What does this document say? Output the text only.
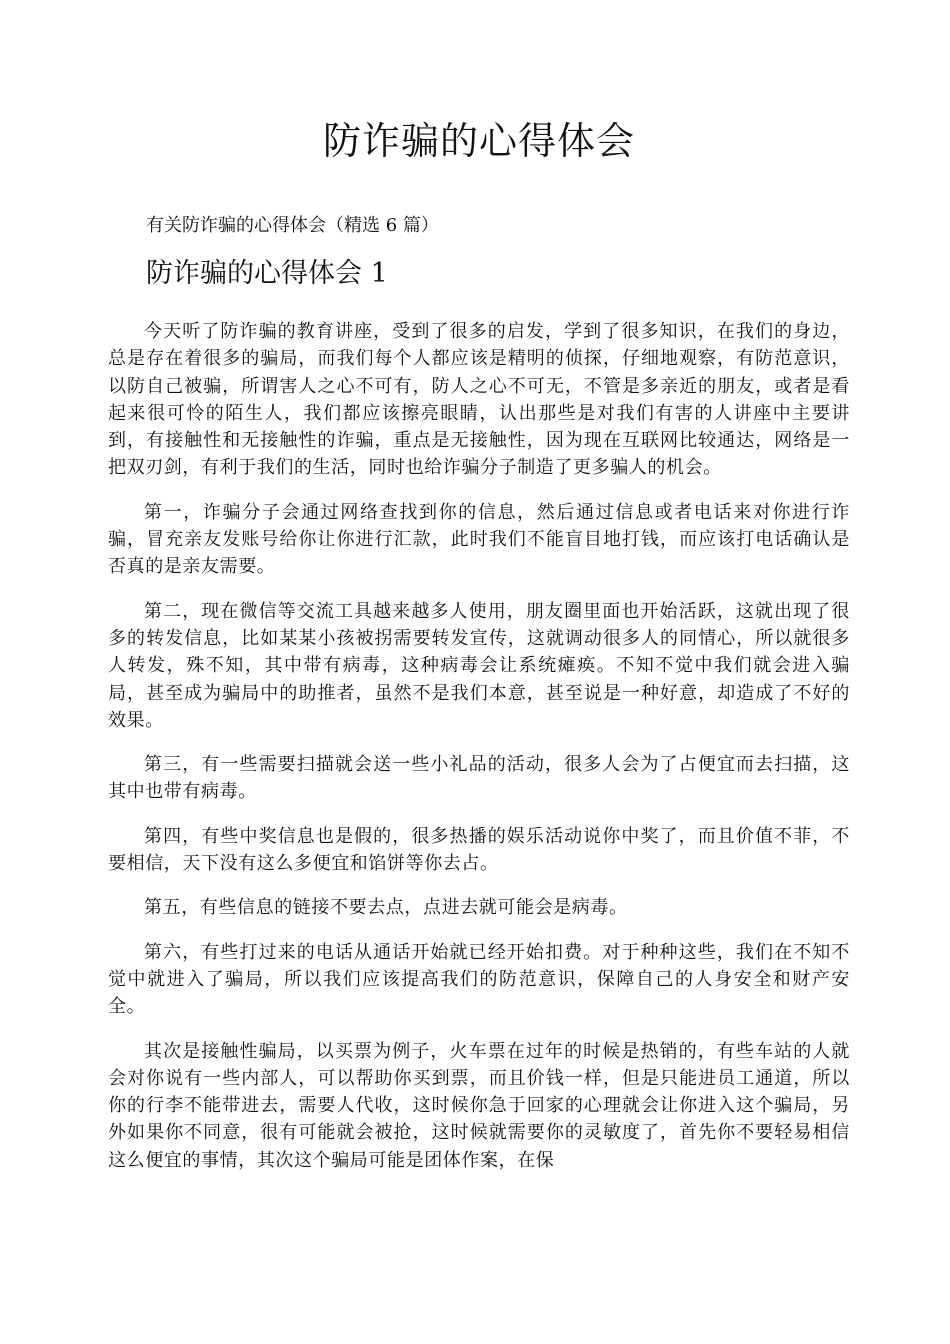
防诈骗的心得体会

有关防诈骗的心得体会（精选 6 篇）

防诈骗的心得体会 1

今天听了防诈骗的教育讲座，受到了很多的启发，学到了很多知识，在我们的身边，总是存在着很多的骗局，而我们每个人都应该是精明的侦探，仔细地观察，有防范意识，以防自己被骗，所谓害人之心不可有，防人之心不可无，不管是多亲近的朋友，或者是看起来很可怜的陌生人，我们都应该擦亮眼睛，认出那些是对我们有害的人讲座中主要讲到，有接触性和无接触性的诈骗，重点是无接触性，因为现在互联网比较通达，网络是一把双刃剑，有利于我们的生活，同时也给诈骗分子制造了更多骗人的机会。

第一，诈骗分子会通过网络查找到你的信息，然后通过信息或者电话来对你进行诈骗，冒充亲友发账号给你让你进行汇款，此时我们不能盲目地打钱，而应该打电话确认是否真的是亲友需要。

第二，现在微信等交流工具越来越多人使用，朋友圈里面也开始活跃，这就出现了很多的转发信息，比如某某小孩被拐需要转发宣传，这就调动很多人的同情心，所以就很多人转发，殊不知，其中带有病毒，这种病毒会让系统瘫痪。不知不觉中我们就会进入骗局，甚至成为骗局中的助推者，虽然不是我们本意，甚至说是一种好意，却造成了不好的效果。

第三，有一些需要扫描就会送一些小礼品的活动，很多人会为了占便宜而去扫描，这其中也带有病毒。

第四，有些中奖信息也是假的，很多热播的娱乐活动说你中奖了，而且价值不菲，不要相信，天下没有这么多便宜和馅饼等你去占。

第五，有些信息的链接不要去点，点进去就可能会是病毒。

第六，有些打过来的电话从通话开始就已经开始扣费。对于种种这些，我们在不知不觉中就进入了骗局，所以我们应该提高我们的防范意识，保障自己的人身安全和财产安全。

其次是接触性骗局，以买票为例子，火车票在过年的时候是热销的，有些车站的人就会对你说有一些内部人，可以帮助你买到票，而且价钱一样，但是只能进员工通道，所以你的行李不能带进去，需要人代收，这时候你急于回家的心理就会让你进入这个骗局，另外如果你不同意，很有可能就会被抢，这时候就需要你的灵敏度了，首先你不要轻易相信这么便宜的事情，其次这个骗局可能是团体作案，在保
